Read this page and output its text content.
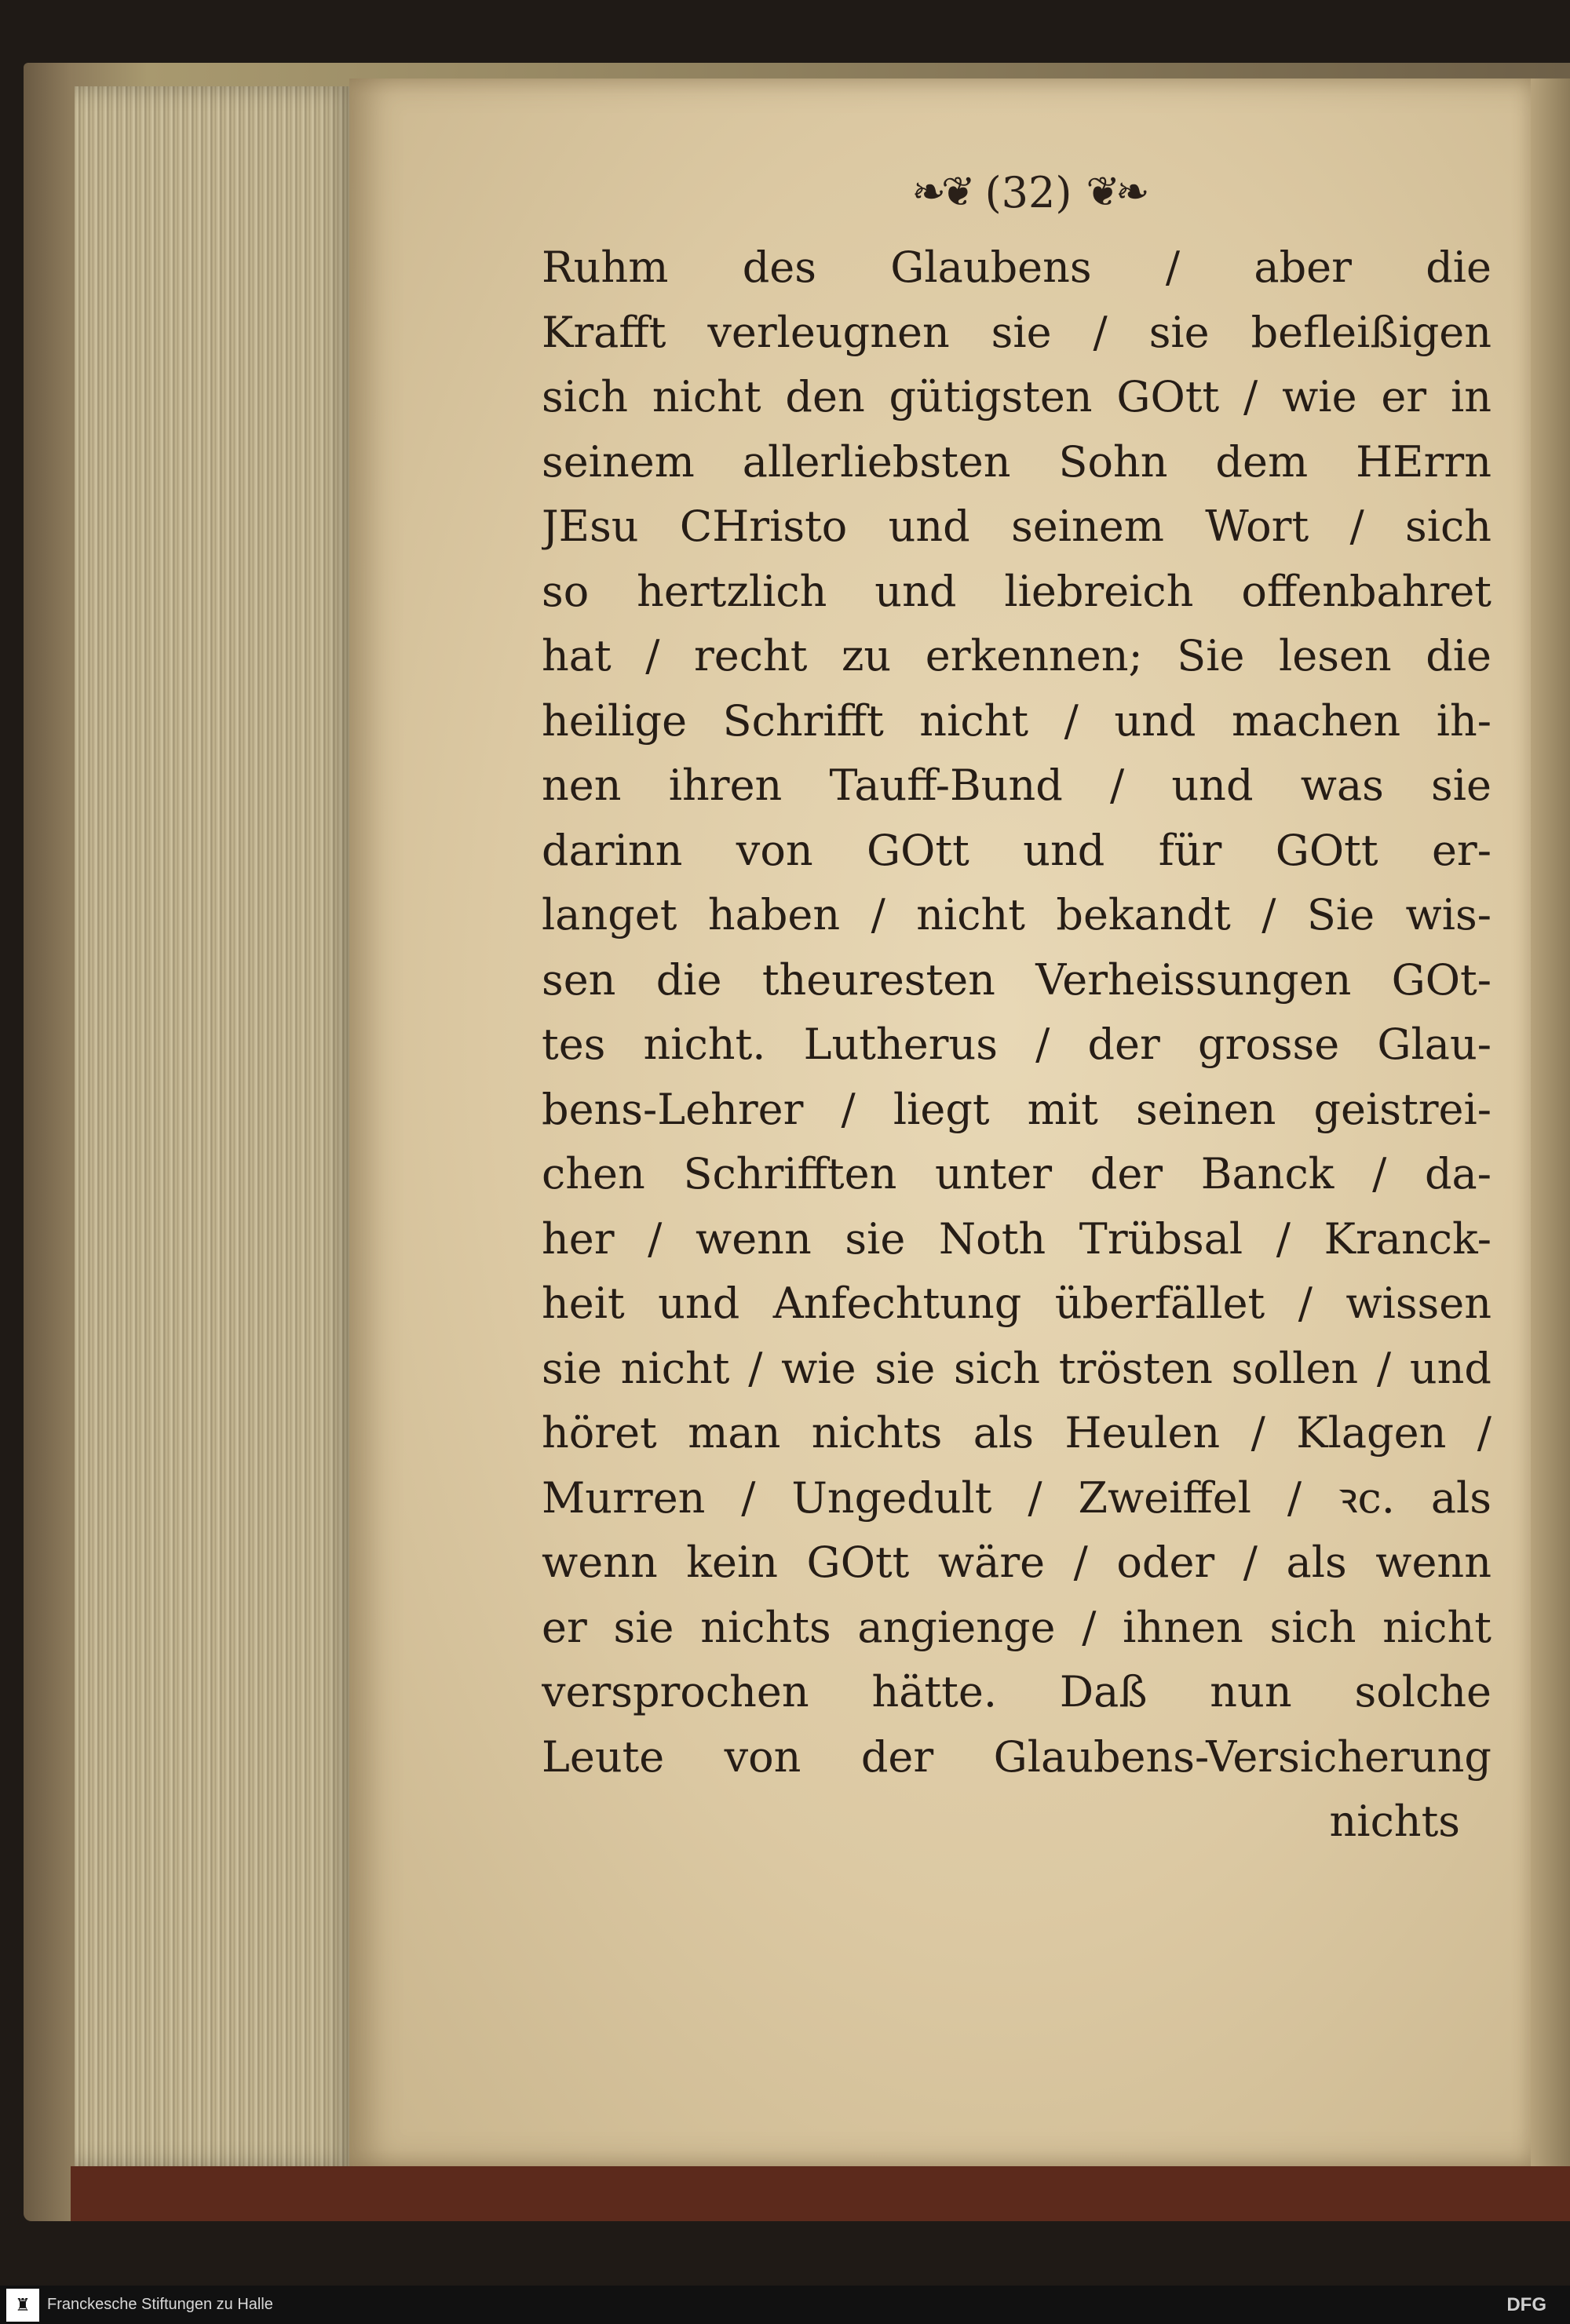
❧❦ (32) ❦❧
Ruhm des Glaubens / aber die
Krafft verleugnen sie / sie befleißigen
sich nicht den gütigsten GOtt / wie er in
seinem allerliebsten Sohn dem HErrn
JEsu CHristo und seinem Wort / sich
so hertzlich und liebreich offenbahret
hat / recht zu erkennen; Sie lesen die
heilige Schrifft nicht / und machen ih-
nen ihren Tauff-Bund / und was sie
darinn von GOtt und für GOtt er-
langet haben / nicht bekandt / Sie wis-
sen die theuresten Verheissungen GOt-
tes nicht. Lutherus / der grosse Glau-
bens-Lehrer / liegt mit seinen geistrei-
chen Schrifften unter der Banck / da-
her / wenn sie Noth Trübsal / Kranck-
heit und Anfechtung überfället / wissen
sie nicht / wie sie sich trösten sollen / und
höret man nichts als Heulen / Klagen /
Murren / Ungedult / Zweiffel / ꝛc. als
wenn kein GOtt wäre / oder / als wenn
er sie nichts angienge / ihnen sich nicht
versprochen hätte. Daß nun solche
Leute von der Glaubens-Versicherung
nichts
♜	Franckesche Stiftungen zu Halle	DFG
